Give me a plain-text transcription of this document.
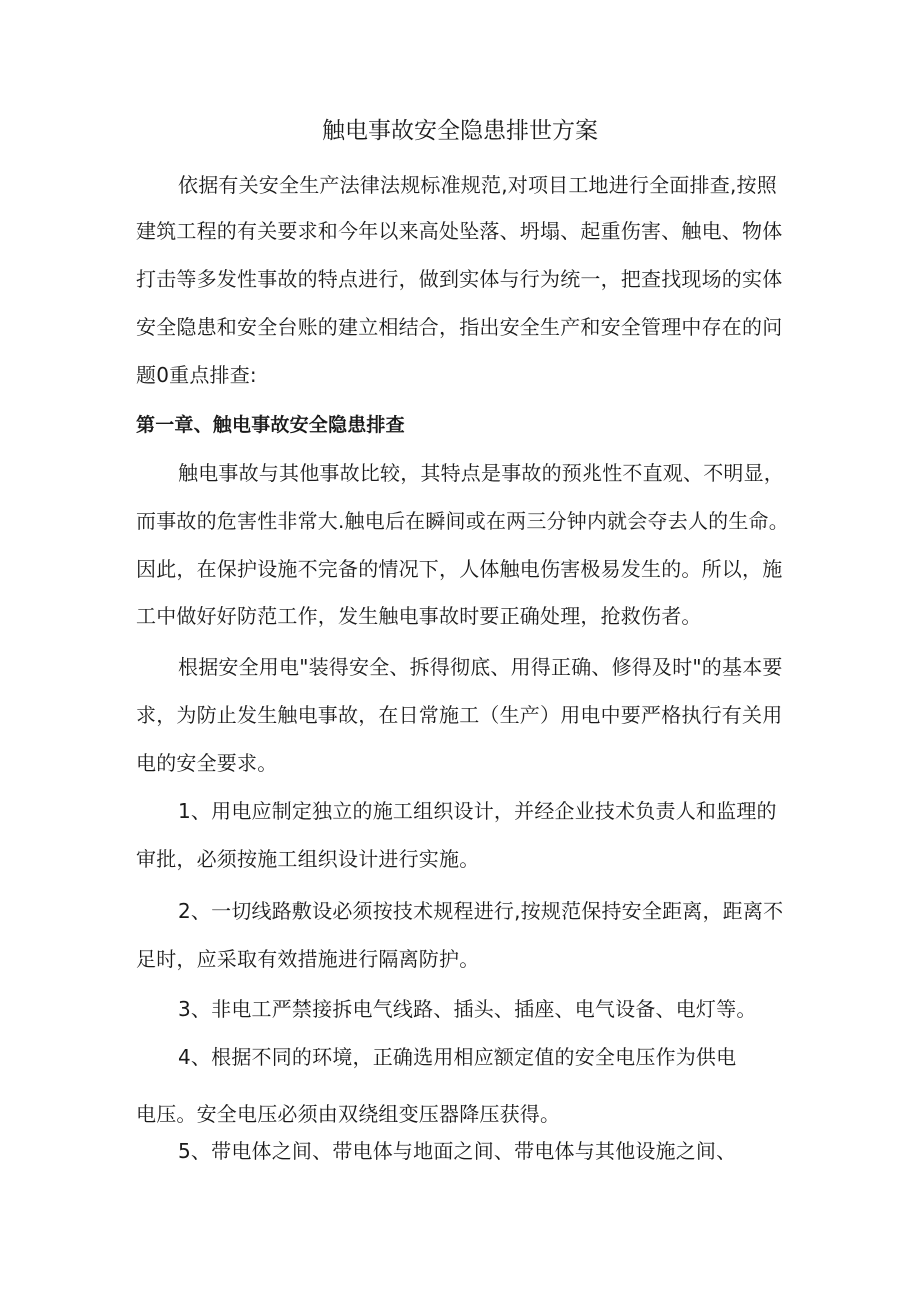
触电事故安全隐患排世方案
依据有关安全生产法律法规标准规范,对项目工地进行全面排查,按照
建筑工程的有关要求和今年以来高处坠落、坍塌、起重伤害、触电、物体
打击等多发性事故的特点进行，做到实体与行为统一，把查找现场的实体
安全隐患和安全台账的建立相结合，指出安全生产和安全管理中存在的问
题0重点排查:
第一章、触电事故安全隐患排查
触电事故与其他事故比较，其特点是事故的预兆性不直观、不明显，
而事故的危害性非常大.触电后在瞬间或在两三分钟内就会夺去人的生命。
因此，在保护设施不完备的情况下，人体触电伤害极易发生的。所以，施
工中做好好防范工作，发生触电事故时要正确处理，抢救伤者。
根据安全用电"装得安全、拆得彻底、用得正确、修得及时"的基本要
求，为防止发生触电事故，在日常施工（生产）用电中要严格执行有关用
电的安全要求。
1、用电应制定独立的施工组织设计，并经企业技术负责人和监理的
审批，必须按施工组织设计进行实施。
2、一切线路敷设必须按技术规程进行,按规范保持安全距离，距离不
足时，应采取有效措施进行隔离防护。
3、非电工严禁接拆电气线路、插头、插座、电气设备、电灯等。
4、根据不同的环境，正确选用相应额定值的安全电压作为供电
电压。安全电压必须由双绕组变压器降压获得。
5、带电体之间、带电体与地面之间、带电体与其他设施之间、
